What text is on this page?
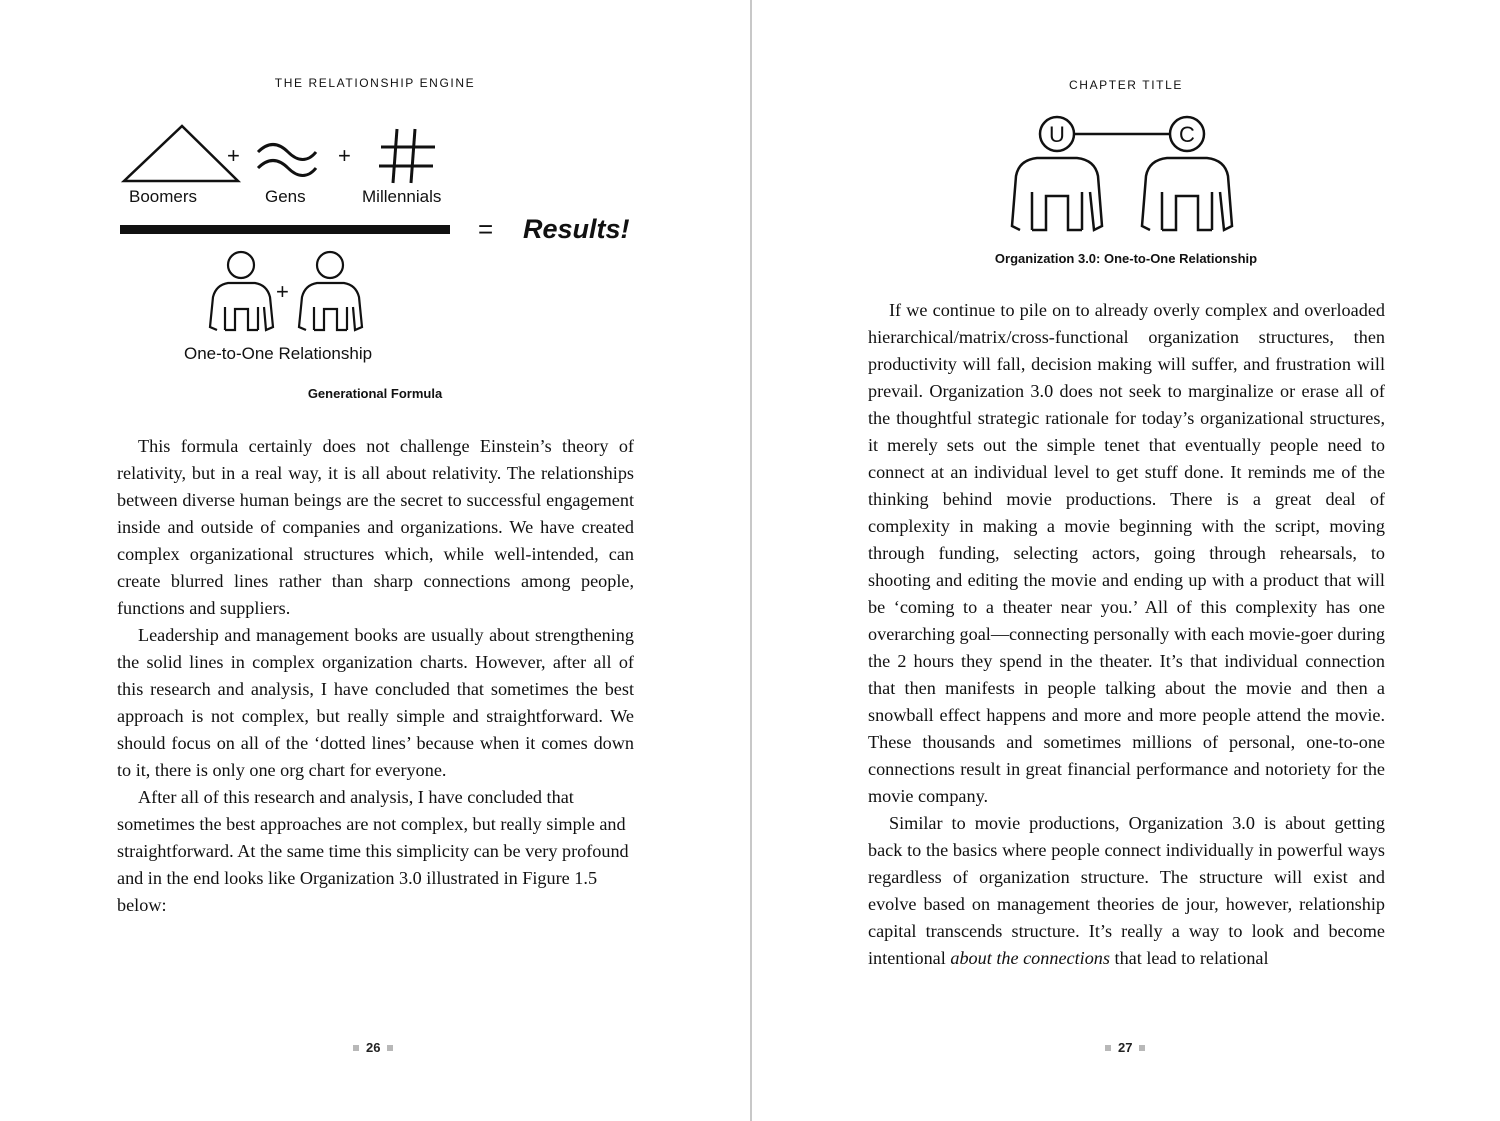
THE RELATIONSHIP ENGINE
+	+
Boomers	Gens	Millennials
= Results!
+
One-to-One Relationship
Generational Formula

This formula certainly does not challenge Einstein’s theory of relativity, but in a real way, it is all about relativity. The relationships between diverse human beings are the secret to successful engagement inside and outside of companies and organizations. We have created complex organizational structures which, while well-intended, can create blurred lines rather than sharp connections among people, functions and suppliers.

Leadership and management books are usually about strengthening the solid lines in complex organization charts. However, after all of this research and analysis, I have concluded that sometimes the best approach is not complex, but really simple and straightforward. We should focus on all of the ‘dotted lines’ because when it comes down to it, there is only one org chart for everyone.

After all of this research and analysis, I have concluded that sometimes the best approaches are not complex, but really simple and straightforward. At the same time this simplicity can be very profound and in the end looks like Organization 3.0 illustrated in Figure 1.5 below:

26
CHAPTER TITLE
U	C
Organization 3.0: One-to-One Relationship

If we continue to pile on to already overly complex and overloaded hierarchical/matrix/cross-functional organization structures, then productivity will fall, decision making will suffer, and frustration will prevail. Organization 3.0 does not seek to marginalize or erase all of the thoughtful strategic rationale for today’s organizational structures, it merely sets out the simple tenet that eventually people need to connect at an individual level to get stuff done. It reminds me of the thinking behind movie productions. There is a great deal of complexity in making a movie beginning with the script, moving through funding, selecting actors, going through rehearsals, to shooting and editing the movie and ending up with a product that will be ‘coming to a theater near you.’ All of this complexity has one overarching goal—connecting personally with each movie-goer during the 2 hours they spend in the theater. It’s that individual connection that then manifests in people talking about the movie and then a snowball effect happens and more and more people attend the movie. These thousands and sometimes millions of personal, one-to-one connections result in great financial performance and notoriety for the movie company.

Similar to movie productions, Organization 3.0 is about getting back to the basics where people connect individually in powerful ways regardless of organization structure. The structure will exist and evolve based on management theories de jour, however, relationship capital transcends structure. It’s really a way to look and become intentional about the connections that lead to relational

27
